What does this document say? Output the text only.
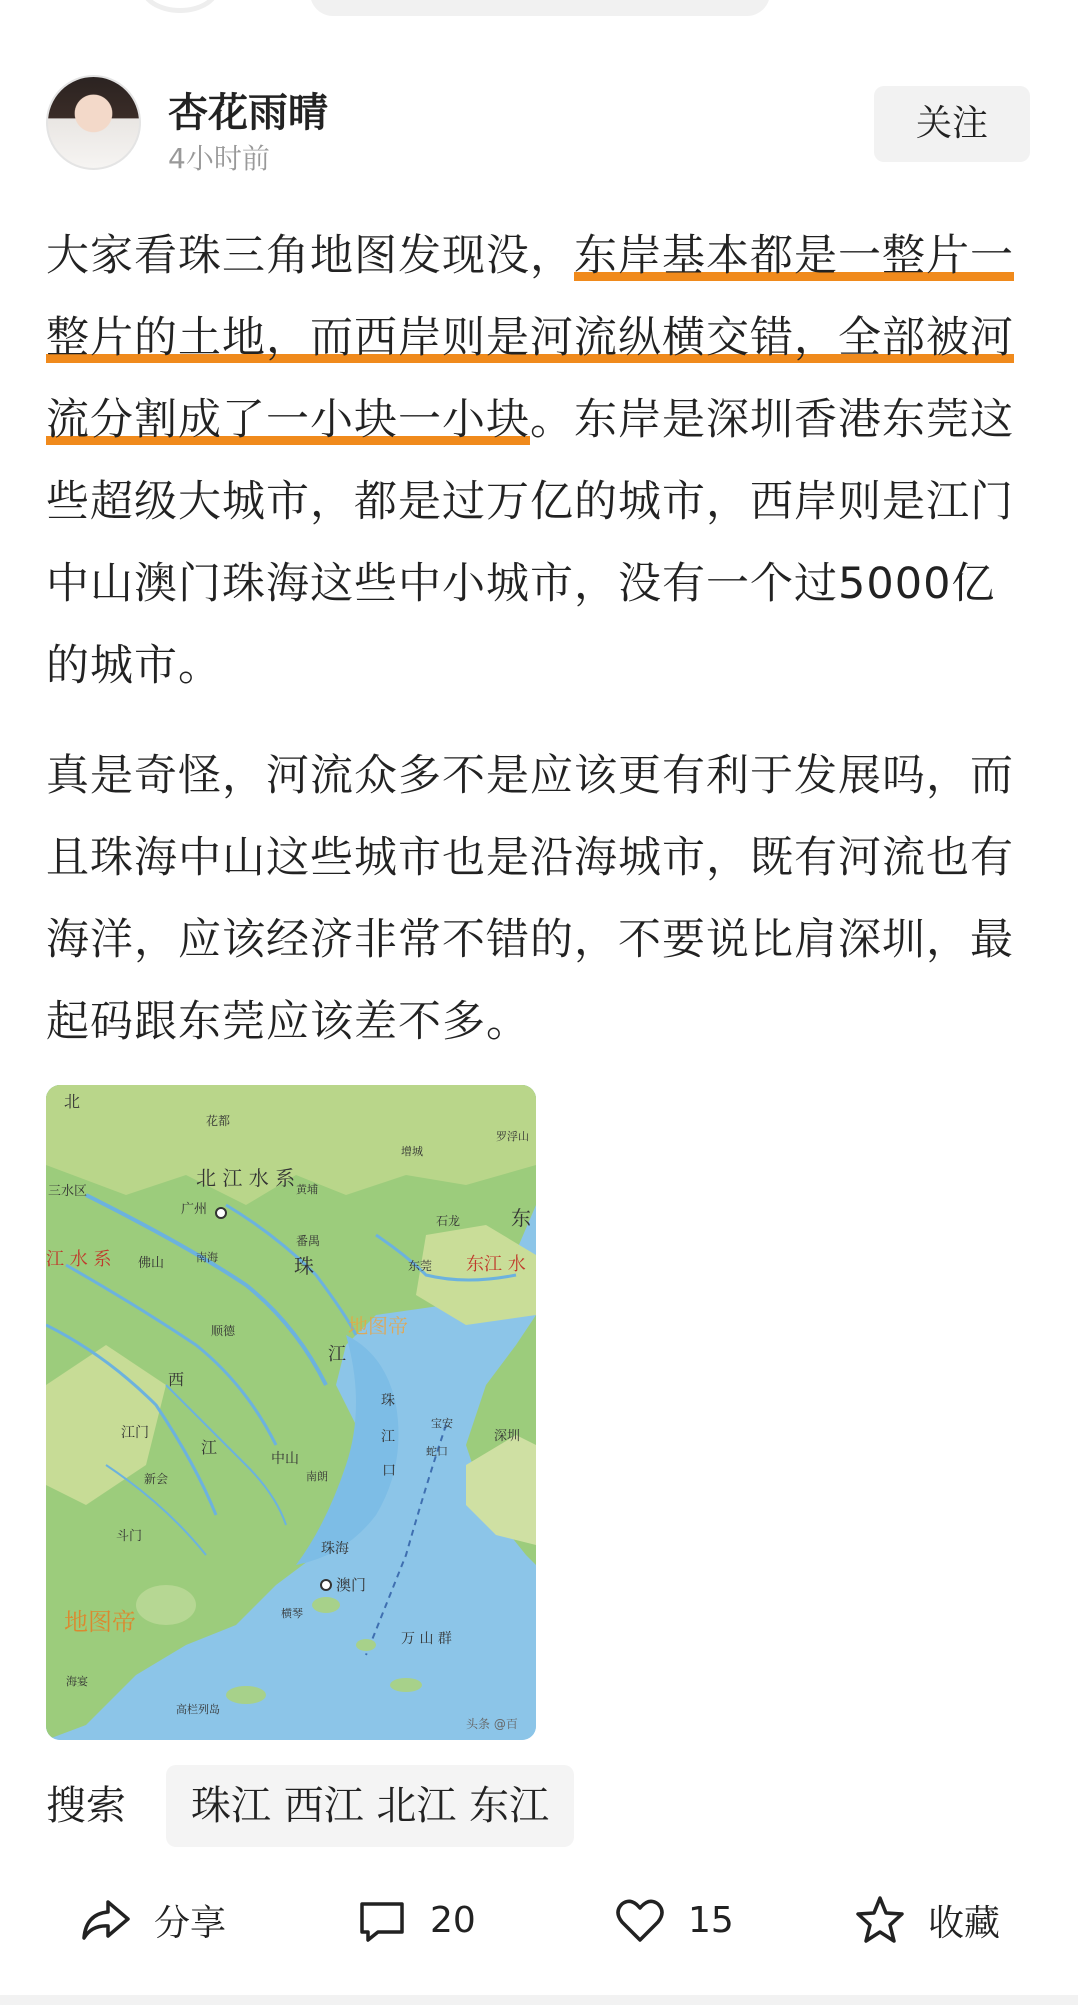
杏花雨晴
4小时前
关注
大家看珠三角地图发现没，东岸基本都是一整片一整片的土地，而西岸则是河流纵横交错，全部被河流分割成了一小块一小块。东岸是深圳香港东莞这些超级大城市，都是过万亿的城市，西岸则是江门中山澳门珠海这些中小城市，没有一个过5000亿的城市。
真是奇怪，河流众多不是应该更有利于发展吗，而且珠海中山这些城市也是沿海城市，既有河流也有海洋，应该经济非常不错的，不要说比肩深圳，最起码跟东莞应该差不多。
北
花都
三水区
北 江 水 系
广州
增城
罗浮山
石龙	东
番禺
珠	东莞 东江 水
江 水 系 佛山	南海
顺德
江门
中山
深圳
新会
珠海
澳门
斗门
万 山 群
地图帝
地图帝
头条 @百
西
江
江
口
珠
江
黄埔
宝安
高栏列岛
南朗
蛇口
海宴
横琴
搜索	珠江 西江 北江 东江
分享	20	15	收藏
